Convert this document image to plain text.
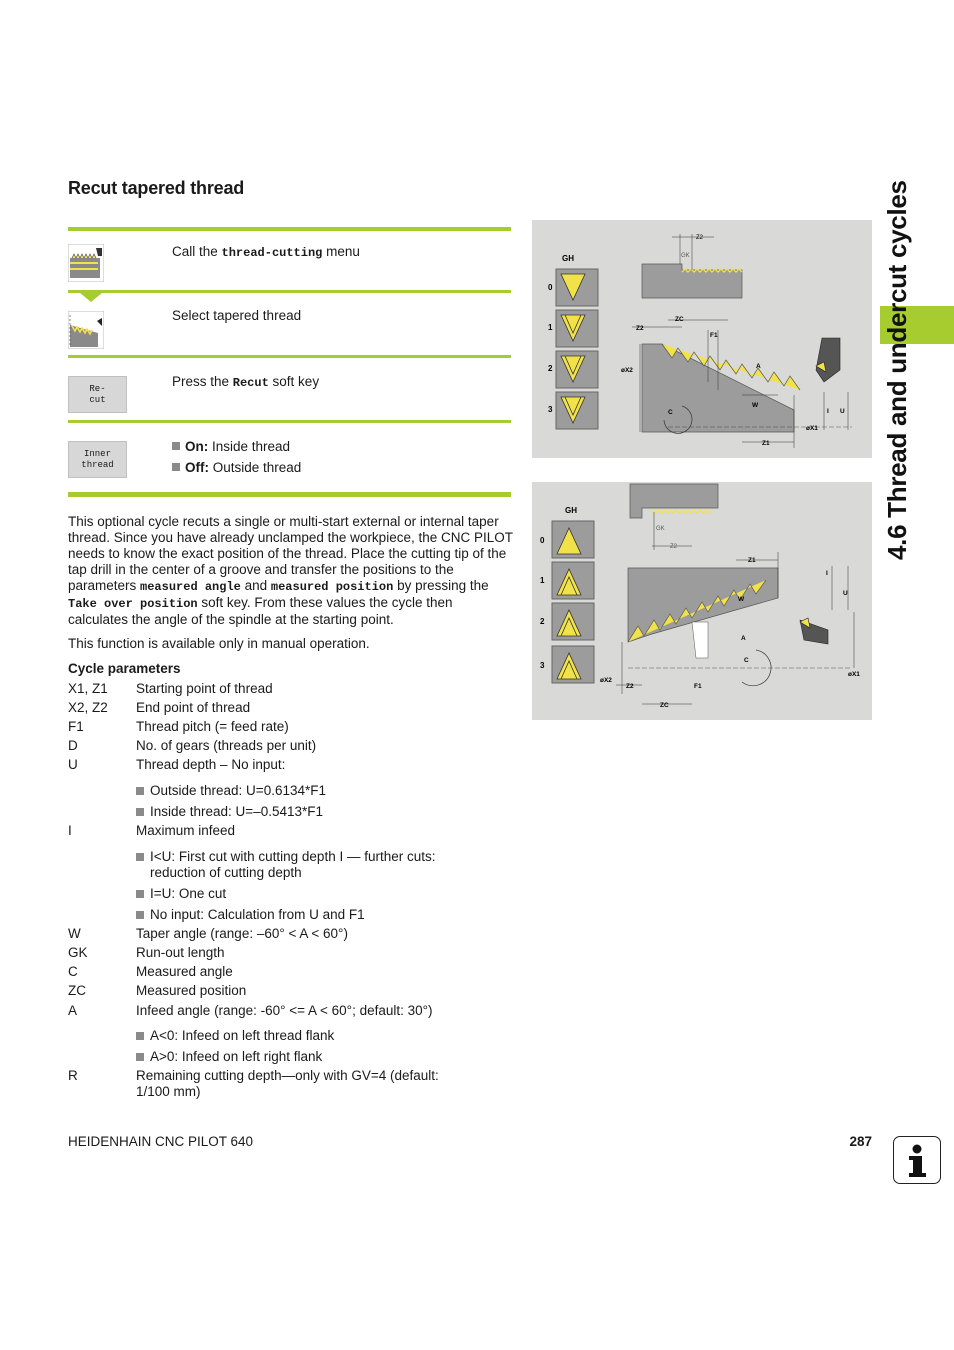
Recut tapered thread
Call the thread-cutting menu
Select tapered thread
Re-
cut
Press the Recut soft key
Inner
thread
On: Inside thread
Off: Outside thread
This optional cycle recuts a single or multi-start external or internal taper thread. Since you have already unclamped the workpiece, the CNC PILOT needs to know the exact position of the thread. Place the cutting tip of the tap drill in the center of a groove and transfer the positions to the parameters measured angle and measured position by pressing the Take over position soft key. From these values the cycle then calculates the angle of the spindle at the starting point.
This function is available only in manual operation.
Cycle parameters
X1, Z1 Starting point of thread
X2, Z2 End point of thread
F1	Thread pitch (= feed rate)
D	No. of gears (threads per unit)
U	Thread depth – No input:
Outside thread: U=0.6134*F1
Inside thread: U=–0.5413*F1
I	Maximum infeed
I<U: First cut with cutting depth I — further cuts: reduction of cutting depth
I=U: One cut
No input: Calculation from U and F1
W	Taper angle (range: –60° < A < 60°)
GK	Run-out length
C	Measured angle
ZC	Measured position
A	Infeed angle (range: -60° <= A < 60°; default: 30°)
A<0: Infeed on left thread flank
A>0: Infeed on left right flank
R	Remaining cutting depth—only with GV=4 (default: 1/100 mm)
GH
0
1
2
3
Z2
GK
Z2
ZC
F1
øX2
A
W
C
øX1
Z1
I U
GH
0
1
2
3
GK
Z2
Z1
W
A
C
øX2
Z2	F1
ZC
I
U
øX1
4.6 Thread and undercut cycles
HEIDENHAIN CNC PILOT 640	287
